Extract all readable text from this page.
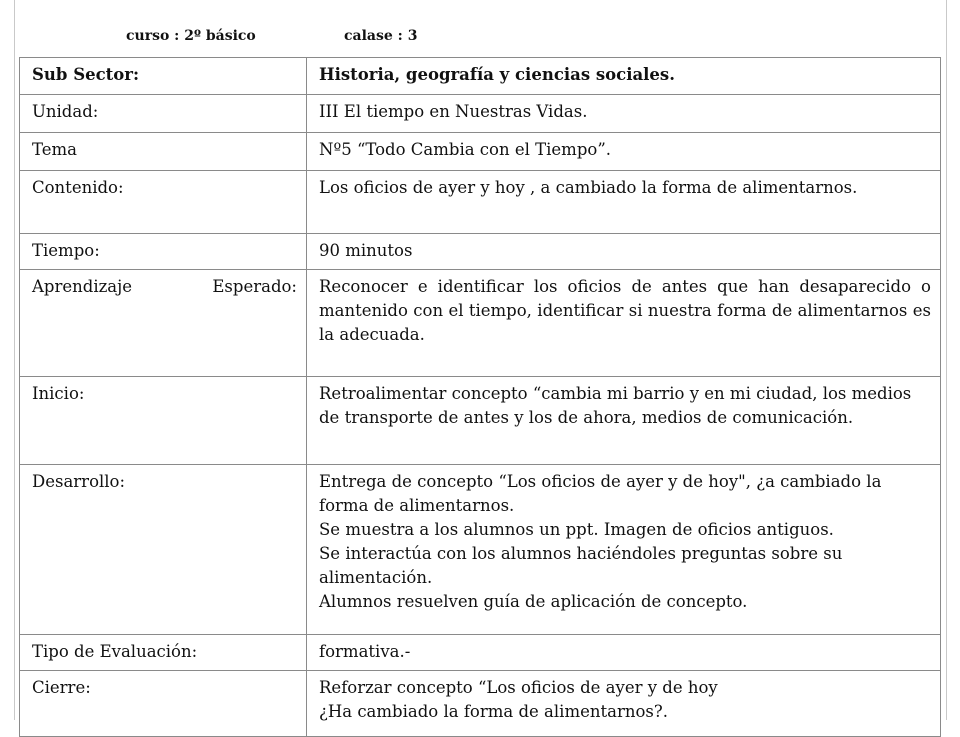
curso : 2º básico	calase : 3
Sub Sector:	Historia, geografía y ciencias sociales.

Unidad:	III El tiempo en Nuestras Vidas.

Tema	Nº5 “Todo Cambia con el Tiempo”.

Contenido:	Los oficios de ayer y hoy , a cambiado la forma de alimentarnos.

Tiempo:	90 minutos

Aprendizaje Esperado:	Reconocer e identificar los oficios de antes que han desaparecido o mantenido con el tiempo, identificar si nuestra forma de alimentarnos es la adecuada.

Inicio:	Retroalimentar concepto “cambia mi barrio y en mi ciudad, los medios de transporte de antes y los de ahora, medios de comunicación.

Desarrollo:	Entrega de concepto “Los oficios de ayer y de hoy", ¿a cambiado la forma de alimentarnos.
Se muestra a los alumnos un ppt. Imagen de oficios antiguos.
Se interactúa con los alumnos haciéndoles preguntas sobre su alimentación.
Alumnos resuelven guía de aplicación de concepto.

Tipo de Evaluación:	formativa.-

Cierre:	Reforzar concepto “Los oficios de ayer y de hoy
¿Ha cambiado la forma de alimentarnos?.
